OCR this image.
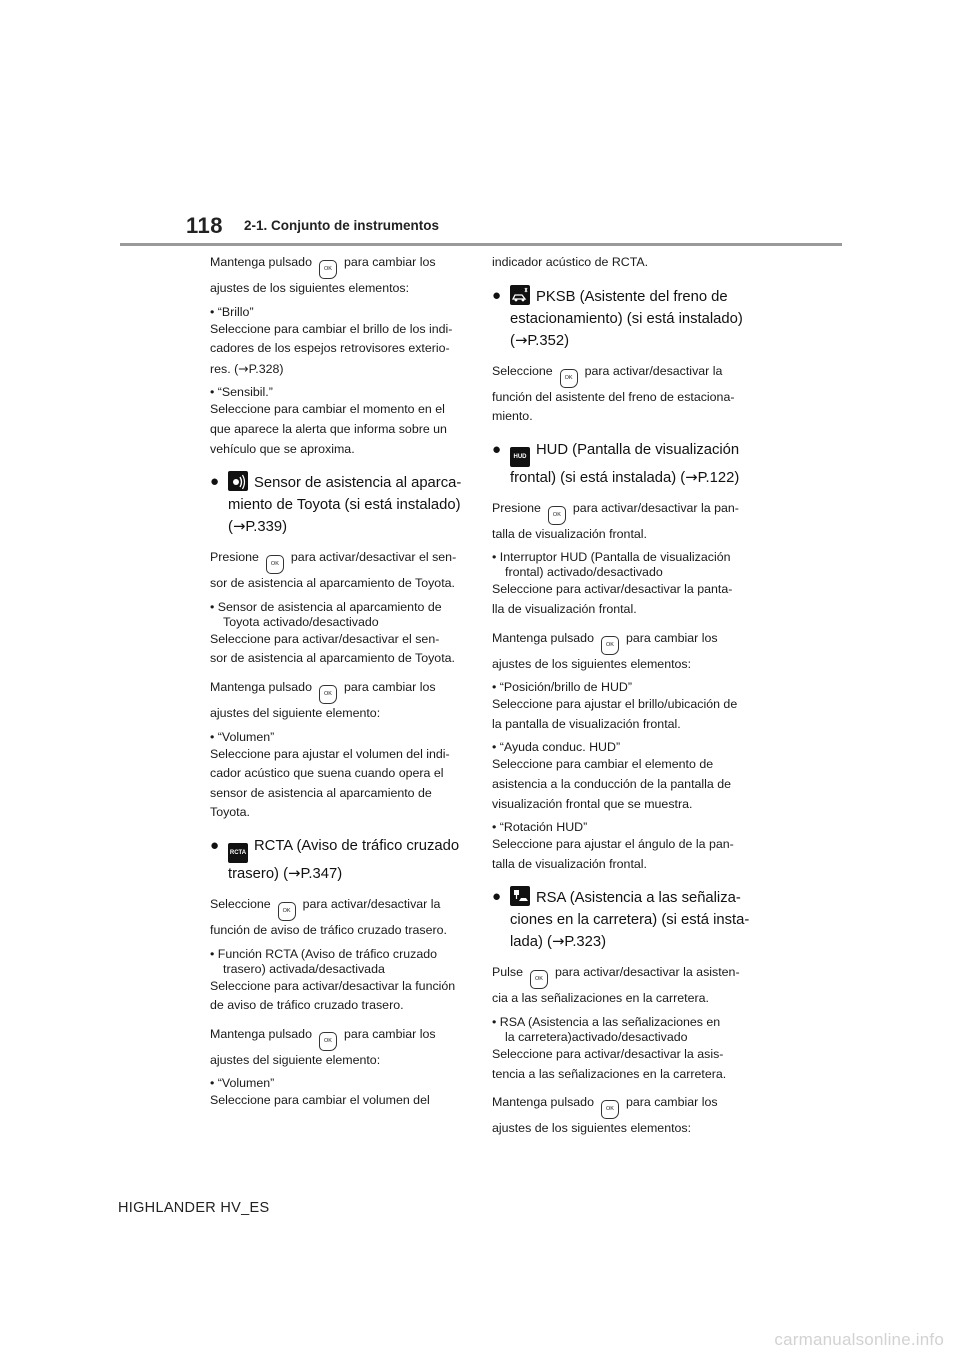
118 2-1. Conjunto de instrumentos

Mantenga pulsado OK para cambiar los

ajustes de los siguientes elementos:

• “Brillo”

Seleccione para cambiar el brillo de los indi-

cadores de los espejos retrovisores exterio-

res. (→P.328)

• “Sensibil.”

Seleccione para cambiar el momento en el

que aparece la alerta que informa sobre un

vehículo que se aproxima.

●	Sensor de asistencia al aparca-
miento de Toyota (si está instalado)
(→P.339)

Presione OK para activar/desactivar el sen-

sor de asistencia al aparcamiento de Toyota.

• Sensor de asistencia al aparcamiento de
Toyota activado/desactivado

Seleccione para activar/desactivar el sen-

sor de asistencia al aparcamiento de Toyota.

Mantenga pulsado OK para cambiar los

ajustes del siguiente elemento:

• “Volumen”

Seleccione para ajustar el volumen del indi-

cador acústico que suena cuando opera el

sensor de asistencia al aparcamiento de

Toyota.

●	RCTA RCTA (Aviso de tráfico cruzado
trasero) (→P.347)

Seleccione OK para activar/desactivar la

función de aviso de tráfico cruzado trasero.

• Función RCTA (Aviso de tráfico cruzado
trasero) activada/desactivada

Seleccione para activar/desactivar la función

de aviso de tráfico cruzado trasero.

Mantenga pulsado OK para cambiar los

ajustes del siguiente elemento:

• “Volumen”

Seleccione para cambiar el volumen del

indicador acústico de RCTA.

●	PKSB (Asistente del freno de
estacionamiento) (si está instalado)
(→P.352)

Seleccione OK para activar/desactivar la

función del asistente del freno de estaciona-

miento.

●	HUD HUD (Pantalla de visualización
frontal) (si está instalada) (→P.122)

Presione OK para activar/desactivar la pan-

talla de visualización frontal.

• Interruptor HUD (Pantalla de visualización
frontal) activado/desactivado

Seleccione para activar/desactivar la panta-

lla de visualización frontal.

Mantenga pulsado OK para cambiar los

ajustes de los siguientes elementos:

• “Posición/brillo de HUD”

Seleccione para ajustar el brillo/ubicación de

la pantalla de visualización frontal.

• “Ayuda conduc. HUD”

Seleccione para cambiar el elemento de

asistencia a la conducción de la pantalla de

visualización frontal que se muestra.

• “Rotación HUD”

Seleccione para ajustar el ángulo de la pan-

talla de visualización frontal.

●	RSA (Asistencia a las señaliza-
ciones en la carretera) (si está insta-
lada) (→P.323)

Pulse OK para activar/desactivar la asisten-

cia a las señalizaciones en la carretera.

• RSA (Asistencia a las señalizaciones en
la carretera)activado/desactivado

Seleccione para activar/desactivar la asis-

tencia a las señalizaciones en la carretera.

Mantenga pulsado OK para cambiar los

ajustes de los siguientes elementos:

HIGHLANDER HV_ES
carmanualsonline.info
